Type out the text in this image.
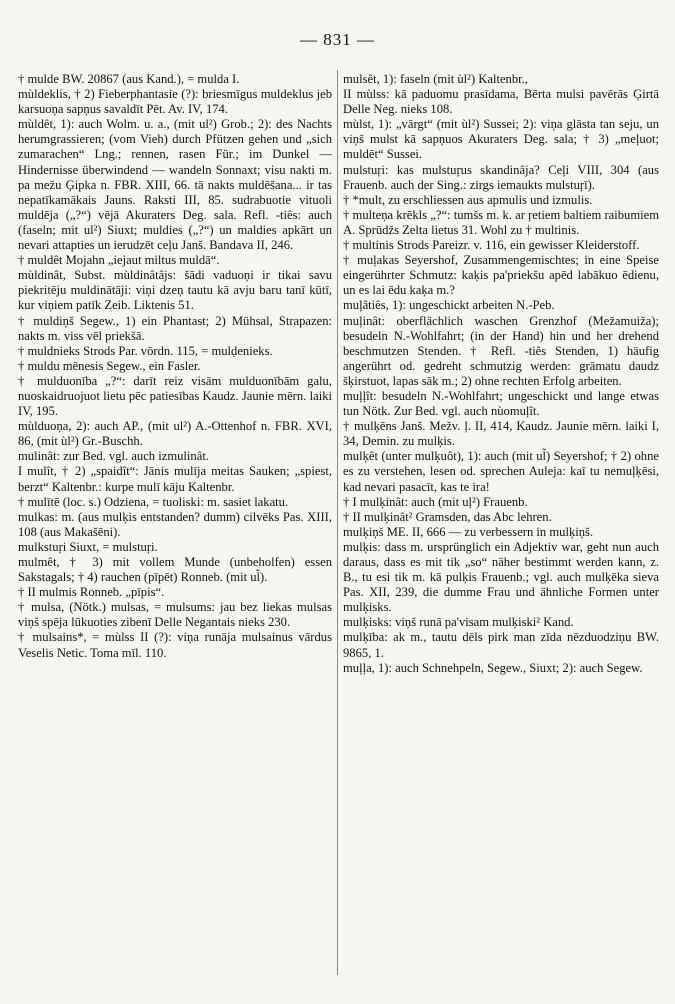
— 831 —
† mulde BW. 20867 (aus Kand.), = mulda I.
mùldeklis, † 2) Fieberphantasie (?): briesmīgus muldeklus jeb karsuoņa sapņus savaldīt Pēt. Av. IV, 174.
mùldêt, 1): auch Wolm. u. a., (mit ul²) Grob.; 2): des Nachts herumgrassieren; (vom Vieh) durch Pfützen gehen und „sich zumarachen“ Lng.; rennen, rasen Für.; im Dunkel — Hindernisse überwindend — wandeln Sonnaxt; visu nakti m. pa mežu Ģipka n. FBR. XIII, 66. tā nakts muldēšana... ir tas nepatīkamākais Jauns. Raksti III, 85. sudrabuotie vituoli muldēja („?“) vējā Akuraters Deg. sala. Refl. -tiês: auch (faseln; mit ul²) Siuxt; muldies („?“) un maldies apkārt un nevari attapties un ierudzēt ceļu Janš. Bandava II, 246.
† muldêt Mojahn „iejaut miltus muldā“.
mùldinât, Subst. mùldinâtâjs: šādi vaduoņi ir tikai savu piekritēju muldinātāji: viņi dzeņ tautu kā avju baru tanī kūtī, kur viņiem patīk Zeib. Liktenis 51.
† muldiņš Segew., 1) ein Phantast; 2) Mühsal, Strapazen: nakts m. viss vēl priekšā.
† muldnieks Strods Par. vōrdn. 115, = mulḍenieks.
† muldu mēnesis Segew., ein Fasler.
† mulduonība „?“: darīt reiz visām mulduonībām galu, nuoskaidruojuot lietu pēc patiesības Kaudz. Jaunie mērn. laiki IV, 195.
mùlduoņa, 2): auch AP., (mit ul²) A.-Ottenhof n. FBR. XVI, 86, (mit ùl²) Gr.-Buschh.
mulinât: zur Bed. vgl. auch izmulinât.
I mulît, † 2) „spaidît“: Jānis mulīja meitas Sauken; „spiest, berzt“ Kaltenbr.: kurpe mulī kāju Kaltenbr.
† mulītē (loc. s.) Odziena, = tuoliski: m. sasiet lakatu.
mulkas: m. (aus mulķis entstanden? dumm) cilvēks Pas. XIII, 108 (aus Makašēni).
mulkstuŗi Siuxt, = mulstuŗi.
mulmêt, † 3) mit vollem Munde (unbeholfen) essen Sakstagals; † 4) rauchen (pīpēt) Ronneb. (mit ul̃).
† II mulmis Ronneb. „pīpis“.
† mulsa, (Nötk.) mulsas, = mulsums: jau bez liekas mulsas viņš spēja lūkuoties zibenī Delle Negantais nieks 230.
† mulsains*, = mùlss II (?): viņa runāja mulsainus vārdus Veselis Netic. Toma mīl. 110.
mulsêt, 1): faseln (mit ùl²) Kaltenbr.,
II mùlss: kā paduomu prasīdama, Bērta mulsi pavērās Ģirtā Delle Neg. nieks 108.
mùlst, 1): „vārgt“ (mit ùl²) Sussei; 2): viņa glāsta tan seju, un viņš mulst kā sapņuos Akuraters Deg. sala; † 3) „meļuot; muldēt“ Sussei.
mulstuŗi: kas mulstuŗus skandinâja? Ceļi VIII, 304 (aus Frauenb. auch der Sing.: zirgs iemaukts mulstuŗī).
† *mult, zu erschliessen aus apmulis und izmulis.
† multeņa krēkls „?“: tumšs m. k. ar ŗetiem baltiem raibumiem A. Sprūdžs Zelta lietus 31. Wohl zu † multinis.
† multinis Strods Pareizr. v. 116, ein gewisser Kleiderstoff.
† muļakas Seyershof, Zusammengemischtes; in eine Speise eingerührter Schmutz: kaķis pa'priekšu apēd labākuo ēdienu, un es lai ēdu kaķa m.?
muļâtiês, 1): ungeschickt arbeiten N.-Peb.
muļinât: oberflächlich waschen Grenzhof (Mežamuiža); besudeln N.-Wohlfahrt; (in der Hand) hin und her drehend beschmutzen Stenden. † Refl. -tiês Stenden, 1) häufig angerührt od. gedreht schmutzig werden: grāmatu daudz šķirstuot, lapas sāk m.; 2) ohne rechten Erfolg arbeiten.
muļļît: besudeln N.-Wohlfahrt; ungeschickt und lange etwas tun Nötk. Zur Bed. vgl. auch nùomuļît.
† mulķēns Janš. Mežv. ļ. II, 414, Kaudz. Jaunie mērn. laiki I, 34, Demin. zu mulķis.
mulķêt (unter mulķuôt), 1): auch (mit ul̃) Seyershof; † 2) ohne es zu verstehen, lesen od. sprechen Auleja: kaī tu nemuļķēsi, kad nevari pasacīt, kas te ira!
† I mulķinât: auch (mit uļ²) Frauenb.
† II mulķinât² Gramsden, das Abc lehren.
mulķiņš ME. II, 666 — zu verbessern in mulķiņš.
mulķis: dass m. ursprünglich ein Adjektiv war, geht nun auch daraus, dass es mit tik „so“ näher bestimmt werden kann, z. B., tu esi tik m. kā pulķis Frauenb.; vgl. auch mulķēka sieva Pas. XII, 239, die dumme Frau und ähnliche Formen unter mulķisks.
mulķisks: viņš runā pa'visam mulķiski² Kand.
mulķība: ak m., tautu dēls pirk man zīda nēzduodziņu BW. 9865, 1.
muļļa, 1): auch Schnehpeln, Segew., Siuxt; 2): auch Segew.
